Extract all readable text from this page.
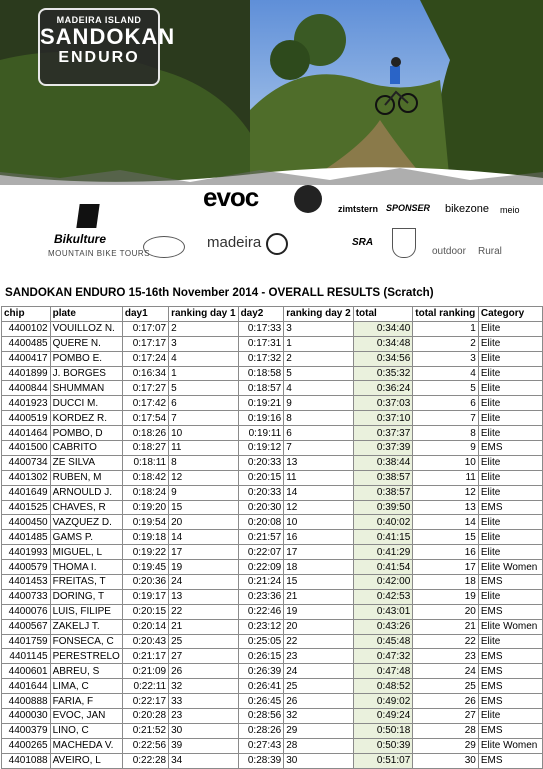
MADEIRA ISLAND
SANDOKAN
ENDURO
evoc	zimtstern SPONSER bikezone meio
Bikulture
MOUNTAIN BIKE TOURS
madeira	SRA
outdoor Rural
SANDOKAN ENDURO 15-16th November 2014 - OVERALL RESULTS (Scratch)
chip	plate	day1	ranking day 1	day2	ranking day 2	total	total ranking	Category
4400102	VOUILLOZ N.	0:17:07	2	0:17:33	3	0:34:40	1	Elite
4400485	QUERE N.	0:17:17	3	0:17:31	1	0:34:48	2	Elite
4400417	POMBO E.	0:17:24	4	0:17:32	2	0:34:56	3	Elite
4401899	J. BORGES	0:16:34	1	0:18:58	5	0:35:32	4	Elite
4400844	SHUMMAN	0:17:27	5	0:18:57	4	0:36:24	5	Elite
4401923	DUCCI M.	0:17:42	6	0:19:21	9	0:37:03	6	Elite
4400519	KORDEZ R.	0:17:54	7	0:19:16	8	0:37:10	7	Elite
4401464	POMBO, D	0:18:26	10	0:19:11	6	0:37:37	8	Elite
4401500	CABRITO	0:18:27	11	0:19:12	7	0:37:39	9	EMS
4400734	ZE SILVA	0:18:11	8	0:20:33	13	0:38:44	10	Elite
4401302	RUBEN, M	0:18:42	12	0:20:15	11	0:38:57	11	Elite
4401649	ARNOULD J.	0:18:24	9	0:20:33	14	0:38:57	12	Elite
4401525	CHAVES, R	0:19:20	15	0:20:30	12	0:39:50	13	EMS
4400450	VAZQUEZ D.	0:19:54	20	0:20:08	10	0:40:02	14	Elite
4401485	GAMS P.	0:19:18	14	0:21:57	16	0:41:15	15	Elite
4401993	MIGUEL, L	0:19:22	17	0:22:07	17	0:41:29	16	Elite
4400579	THOMA I.	0:19:45	19	0:22:09	18	0:41:54	17	Elite Women
4401453	FREITAS, T	0:20:36	24	0:21:24	15	0:42:00	18	EMS
4400733	DORING, T	0:19:17	13	0:23:36	21	0:42:53	19	Elite
4400076	LUIS, FILIPE	0:20:15	22	0:22:46	19	0:43:01	20	EMS
4400567	ZAKELJ T.	0:20:14	21	0:23:12	20	0:43:26	21	Elite Women
4401759	FONSECA, C	0:20:43	25	0:25:05	22	0:45:48	22	Elite
4401145	PERESTRELO	0:21:17	27	0:26:15	23	0:47:32	23	EMS
4400601	ABREU, S	0:21:09	26	0:26:39	24	0:47:48	24	EMS
4401644	LIMA, C	0:22:11	32	0:26:41	25	0:48:52	25	EMS
4400888	FARIA, F	0:22:17	33	0:26:45	26	0:49:02	26	EMS
4400030	EVOC, JAN	0:20:28	23	0:28:56	32	0:49:24	27	Elite
4400379	LINO, C	0:21:52	30	0:28:26	29	0:50:18	28	EMS
4400265	MACHEDA V.	0:22:56	39	0:27:43	28	0:50:39	29	Elite Women
4401088	AVEIRO, L	0:22:28	34	0:28:39	30	0:51:07	30	EMS
